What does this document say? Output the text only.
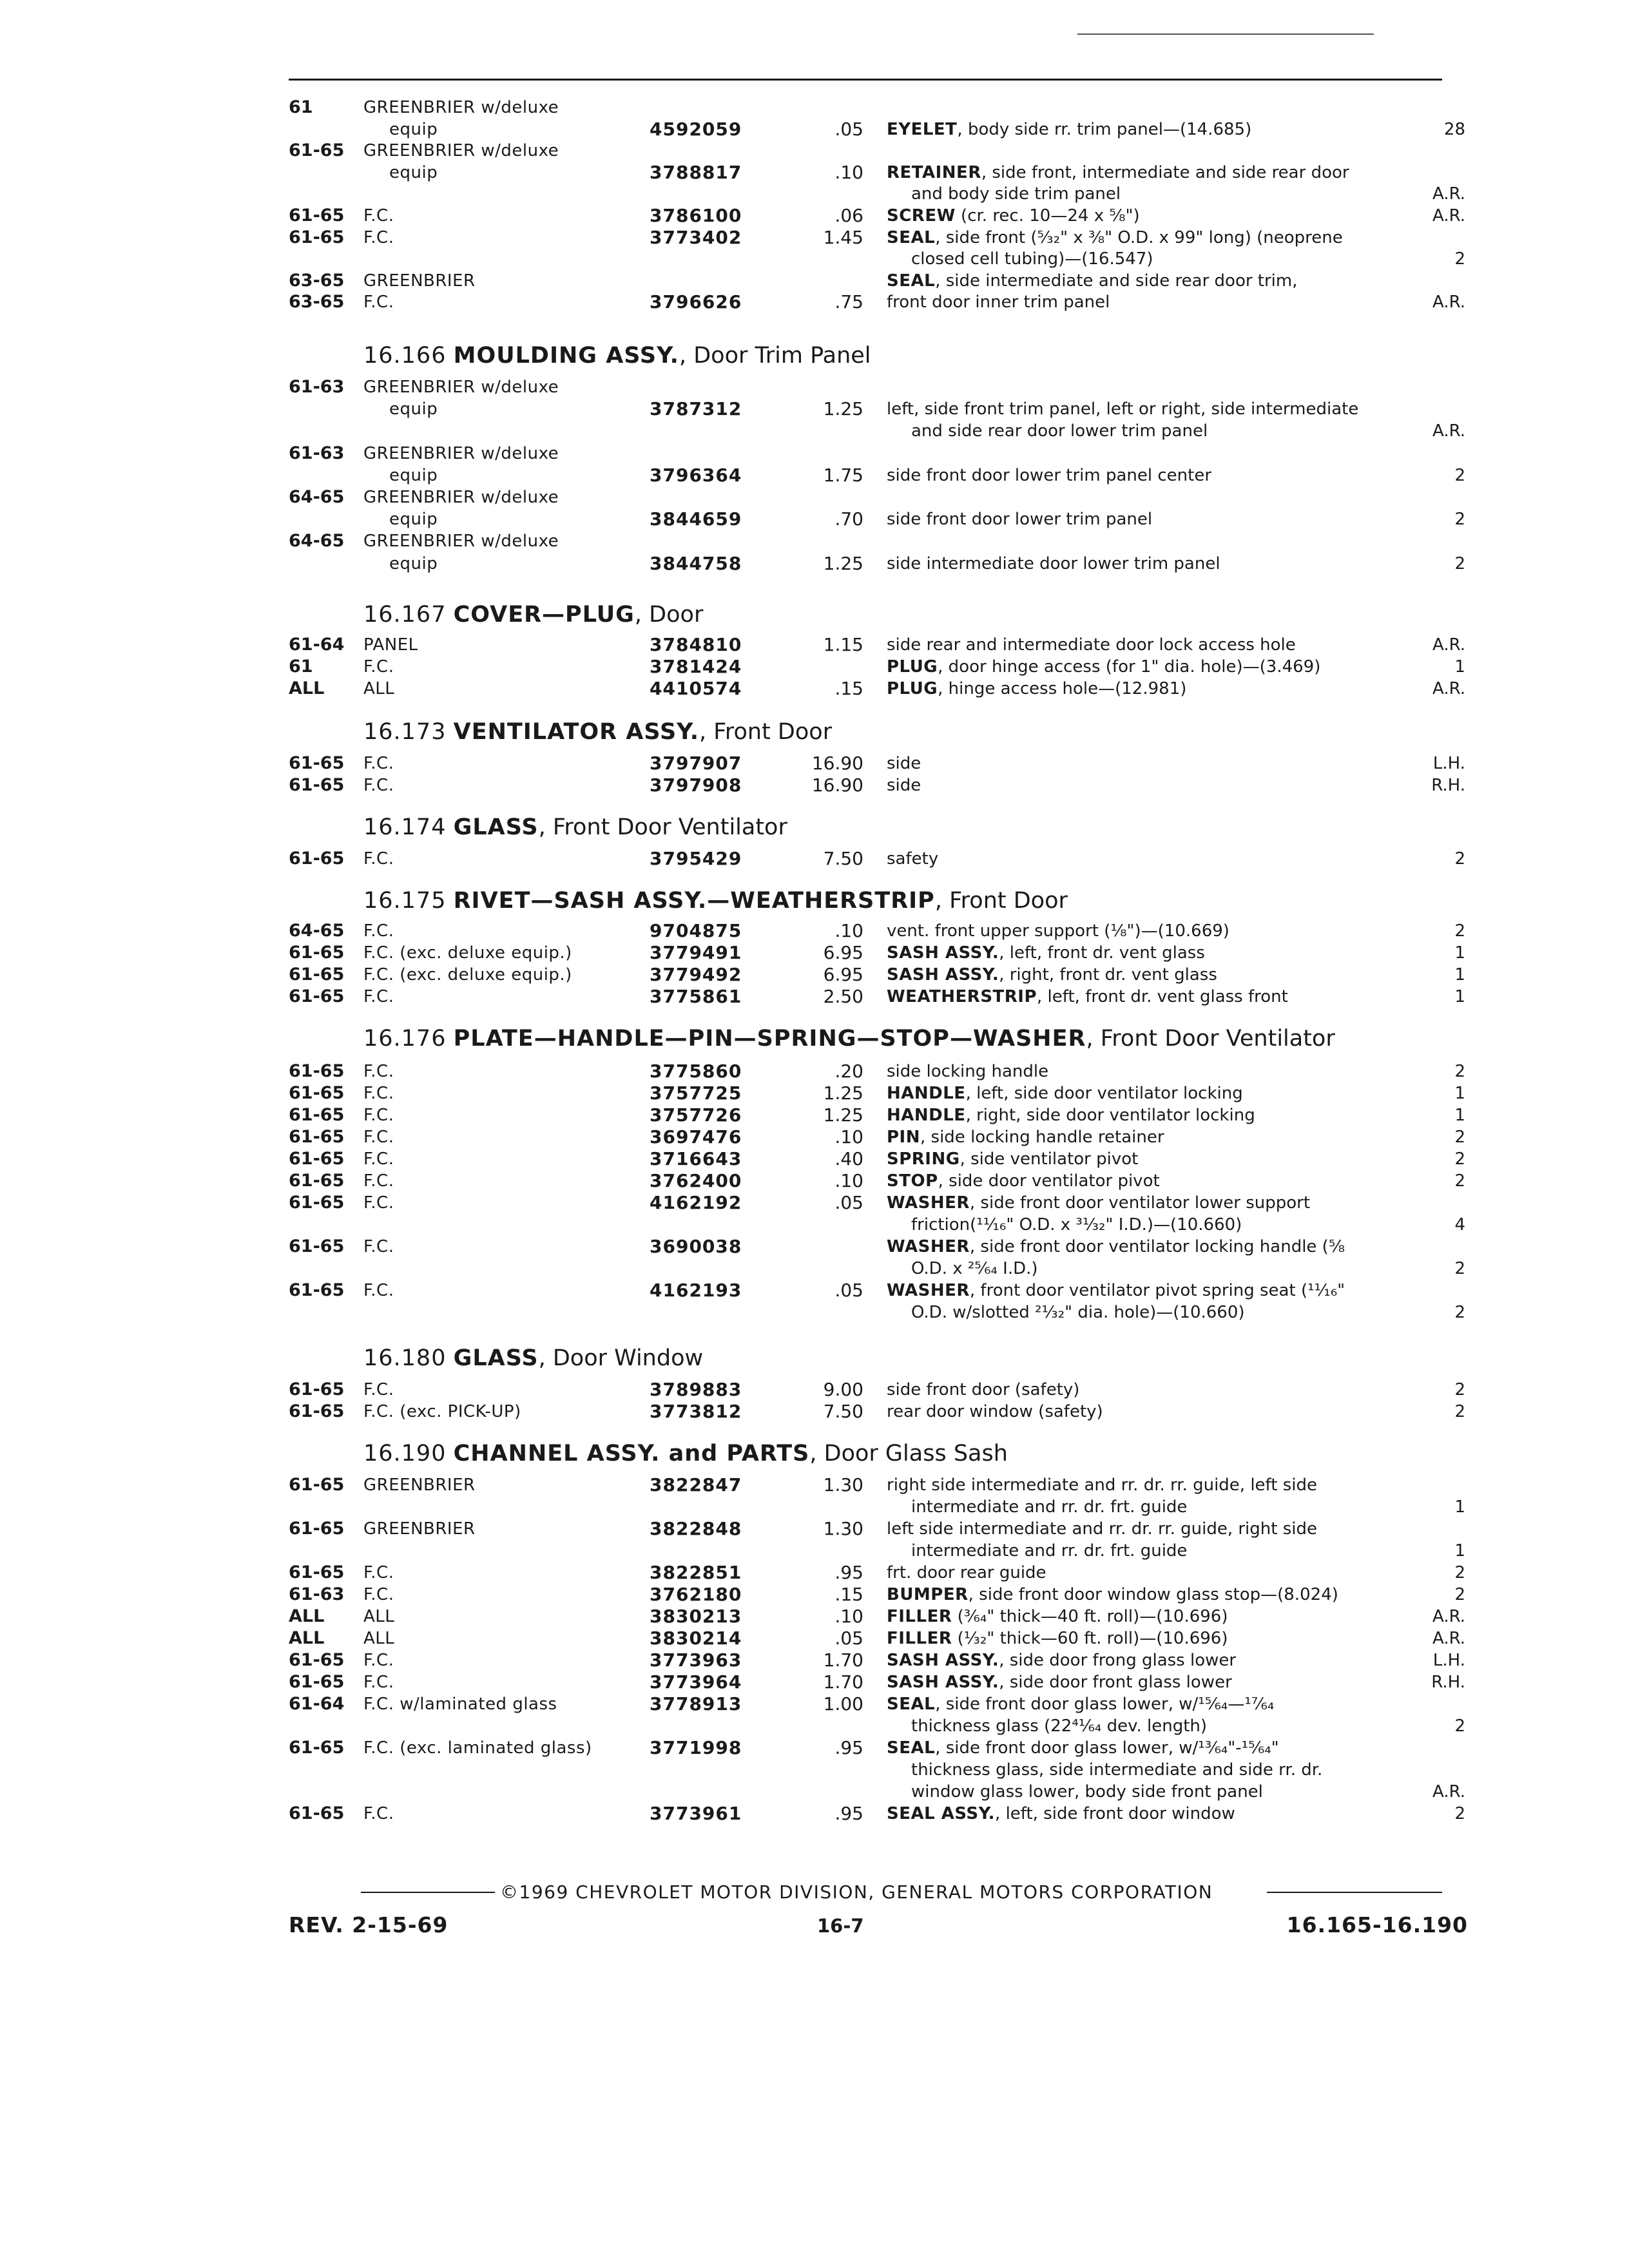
61	GREENBRIER w/deluxe
equip	4592059	.05 EYELET, body side rr. trim panel—(14.685)	28
61-65 GREENBRIER w/deluxe
equip	3788817	.10 RETAINER, side front, intermediate and side rear door
and body side trim panel	A.R.
61-65 F.C.	3786100	.06 SCREW (cr. rec. 10—24 x ⁵⁄₈")	A.R.
61-65 F.C.	3773402	1.45 SEAL, side front (⁵⁄₃₂" x ³⁄₈" O.D. x 99" long) (neoprene
closed cell tubing)—(16.547)	2
63-65 GREENBRIER	SEAL, side intermediate and side rear door trim,
63-65 F.C.	3796626	.75 front door inner trim panel	A.R.
16.166 MOULDING ASSY., Door Trim Panel
61-63 GREENBRIER w/deluxe
equip	3787312	1.25 left, side front trim panel, left or right, side intermediate
and side rear door lower trim panel	A.R.
61-63 GREENBRIER w/deluxe
equip	3796364	1.75 side front door lower trim panel center	2
64-65 GREENBRIER w/deluxe
equip	3844659	.70 side front door lower trim panel	2
64-65 GREENBRIER w/deluxe
equip	3844758	1.25 side intermediate door lower trim panel	2
16.167 COVER—PLUG, Door
61-64 PANEL	3784810	1.15 side rear and intermediate door lock access hole	A.R.
61	F.C.	3781424	PLUG, door hinge access (for 1" dia. hole)—(3.469)	1
ALL ALL	4410574	.15 PLUG, hinge access hole—(12.981)	A.R.
16.173 VENTILATOR ASSY., Front Door
61-65 F.C.	3797907	16.90 side	L.H.
61-65 F.C.	3797908	16.90 side	R.H.
16.174 GLASS, Front Door Ventilator
61-65 F.C.	3795429	7.50 safety	2
16.175 RIVET—SASH ASSY.—WEATHERSTRIP, Front Door
64-65 F.C.	9704875	.10 vent. front upper support (¹⁄₈")—(10.669)	2
61-65 F.C. (exc. deluxe equip.)	3779491	6.95 SASH ASSY., left, front dr. vent glass	1
61-65 F.C. (exc. deluxe equip.)	3779492	6.95 SASH ASSY., right, front dr. vent glass	1
61-65 F.C.	3775861	2.50 WEATHERSTRIP, left, front dr. vent glass front	1
16.176 PLATE—HANDLE—PIN—SPRING—STOP—WASHER, Front Door Ventilator
61-65 F.C.	3775860	.20 side locking handle	2
61-65 F.C.	3757725	1.25 HANDLE, left, side door ventilator locking	1
61-65 F.C.	3757726	1.25 HANDLE, right, side door ventilator locking	1
61-65 F.C.	3697476	.10 PIN, side locking handle retainer	2
61-65 F.C.	3716643	.40 SPRING, side ventilator pivot	2
61-65 F.C.	3762400	.10 STOP, side door ventilator pivot	2
61-65 F.C.	4162192	.05 WASHER, side front door ventilator lower support
friction(¹¹⁄₁₆" O.D. x ³¹⁄₃₂" I.D.)—(10.660)	4
61-65 F.C.	3690038	WASHER, side front door ventilator locking handle (⁵⁄₈
O.D. x ²⁵⁄₆₄ I.D.)	2
61-65 F.C.	4162193	.05 WASHER, front door ventilator pivot spring seat (¹¹⁄₁₆"
O.D. w/slotted ²¹⁄₃₂" dia. hole)—(10.660)	2
16.180 GLASS, Door Window
61-65 F.C.	3789883	9.00 side front door (safety)	2
61-65 F.C. (exc. PICK-UP)	3773812	7.50 rear door window (safety)	2
16.190 CHANNEL ASSY. and PARTS, Door Glass Sash
61-65 GREENBRIER	3822847	1.30 right side intermediate and rr. dr. rr. guide, left side
intermediate and rr. dr. frt. guide	1
61-65 GREENBRIER	3822848	1.30 left side intermediate and rr. dr. rr. guide, right side
intermediate and rr. dr. frt. guide	1
61-65 F.C.	3822851	.95 frt. door rear guide	2
61-63 F.C.	3762180	.15 BUMPER, side front door window glass stop—(8.024)	2
ALL ALL	3830213	.10 FILLER (³⁄₆₄" thick—40 ft. roll)—(10.696)	A.R.
ALL ALL	3830214	.05 FILLER (¹⁄₃₂" thick—60 ft. roll)—(10.696)	A.R.
61-65 F.C.	3773963	1.70 SASH ASSY., side door frong glass lower	L.H.
61-65 F.C.	3773964	1.70 SASH ASSY., side door front glass lower	R.H.
61-64 F.C. w/laminated glass	3778913	1.00 SEAL, side front door glass lower, w/¹⁵⁄₆₄—¹⁷⁄₆₄
thickness glass (22⁴¹⁄₆₄ dev. length)	2
61-65 F.C. (exc. laminated glass)	3771998	.95 SEAL, side front door glass lower, w/¹³⁄₆₄"-¹⁵⁄₆₄"
thickness glass, side intermediate and side rr. dr.
window glass lower, body side front panel	A.R.
61-65 F.C.	3773961	.95 SEAL ASSY., left, side front door window	2
©1969 CHEVROLET MOTOR DIVISION, GENERAL MOTORS CORPORATION
REV. 2-15-69	16-7	16.165-16.190
